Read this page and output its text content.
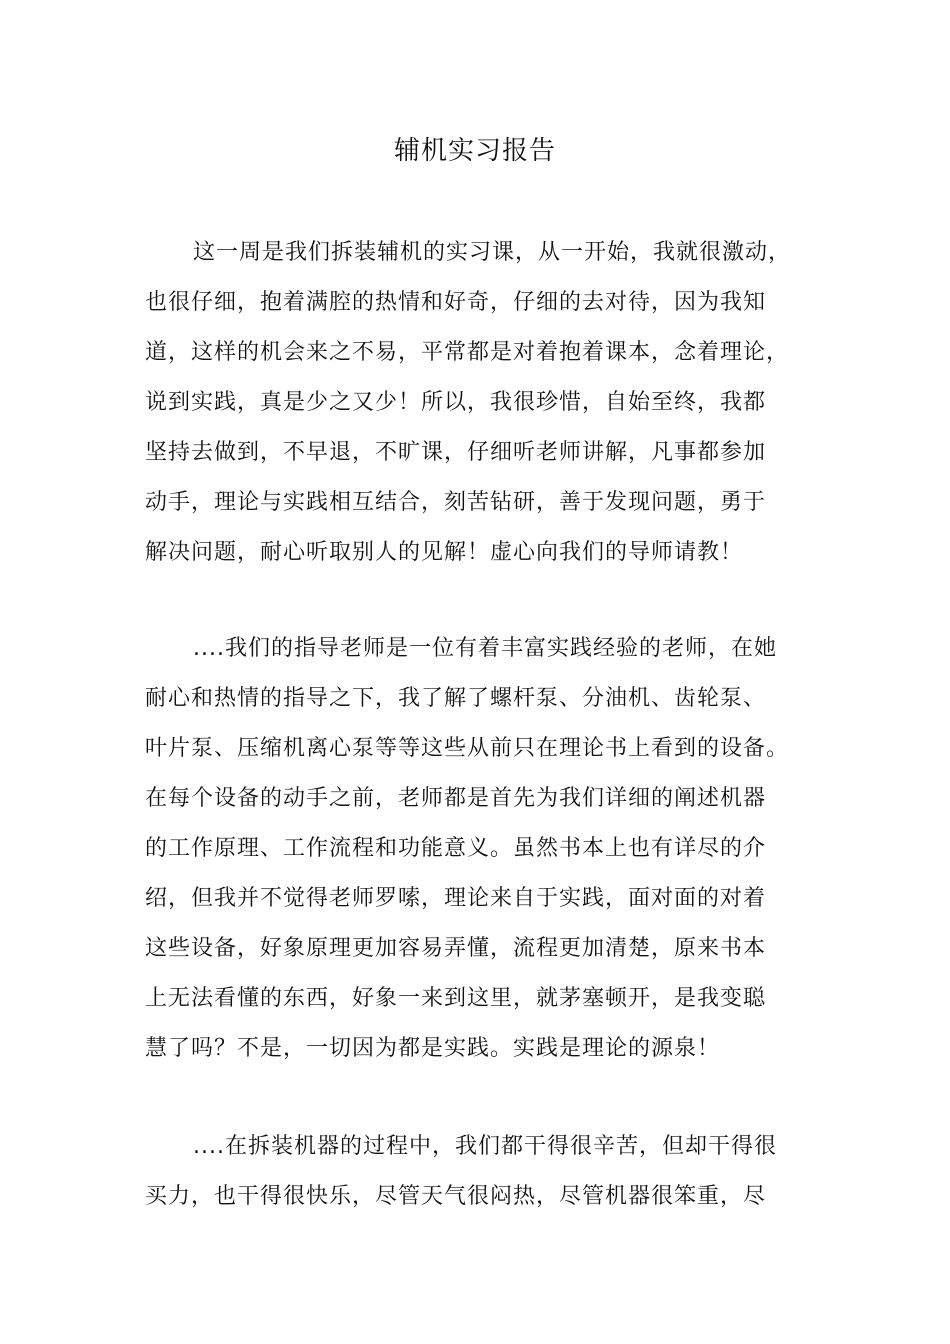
辅机实习报告
这一周是我们拆装辅机的实习课，从一开始，我就很激动，
也很仔细，抱着满腔的热情和好奇，仔细的去对待，因为我知
道，这样的机会来之不易，平常都是对着抱着课本，念着理论，
说到实践，真是少之又少！所以，我很珍惜，自始至终，我都
坚持去做到，不早退，不旷课，仔细听老师讲解，凡事都参加
动手，理论与实践相互结合，刻苦钻研，善于发现问题，勇于
解决问题，耐心听取别人的见解！虚心向我们的导师请教！
....我们的指导老师是一位有着丰富实践经验的老师，在她
耐心和热情的指导之下，我了解了螺杆泵、分油机、齿轮泵、
叶片泵、压缩机离心泵等等这些从前只在理论书上看到的设备。
在每个设备的动手之前，老师都是首先为我们详细的阐述机器
的工作原理、工作流程和功能意义。虽然书本上也有详尽的介
绍，但我并不觉得老师罗嗦，理论来自于实践，面对面的对着
这些设备，好象原理更加容易弄懂，流程更加清楚，原来书本
上无法看懂的东西，好象一来到这里，就茅塞顿开，是我变聪
慧了吗？不是，一切因为都是实践。实践是理论的源泉！
....在拆装机器的过程中，我们都干得很辛苦，但却干得很
买力，也干得很快乐，尽管天气很闷热，尽管机器很笨重，尽
